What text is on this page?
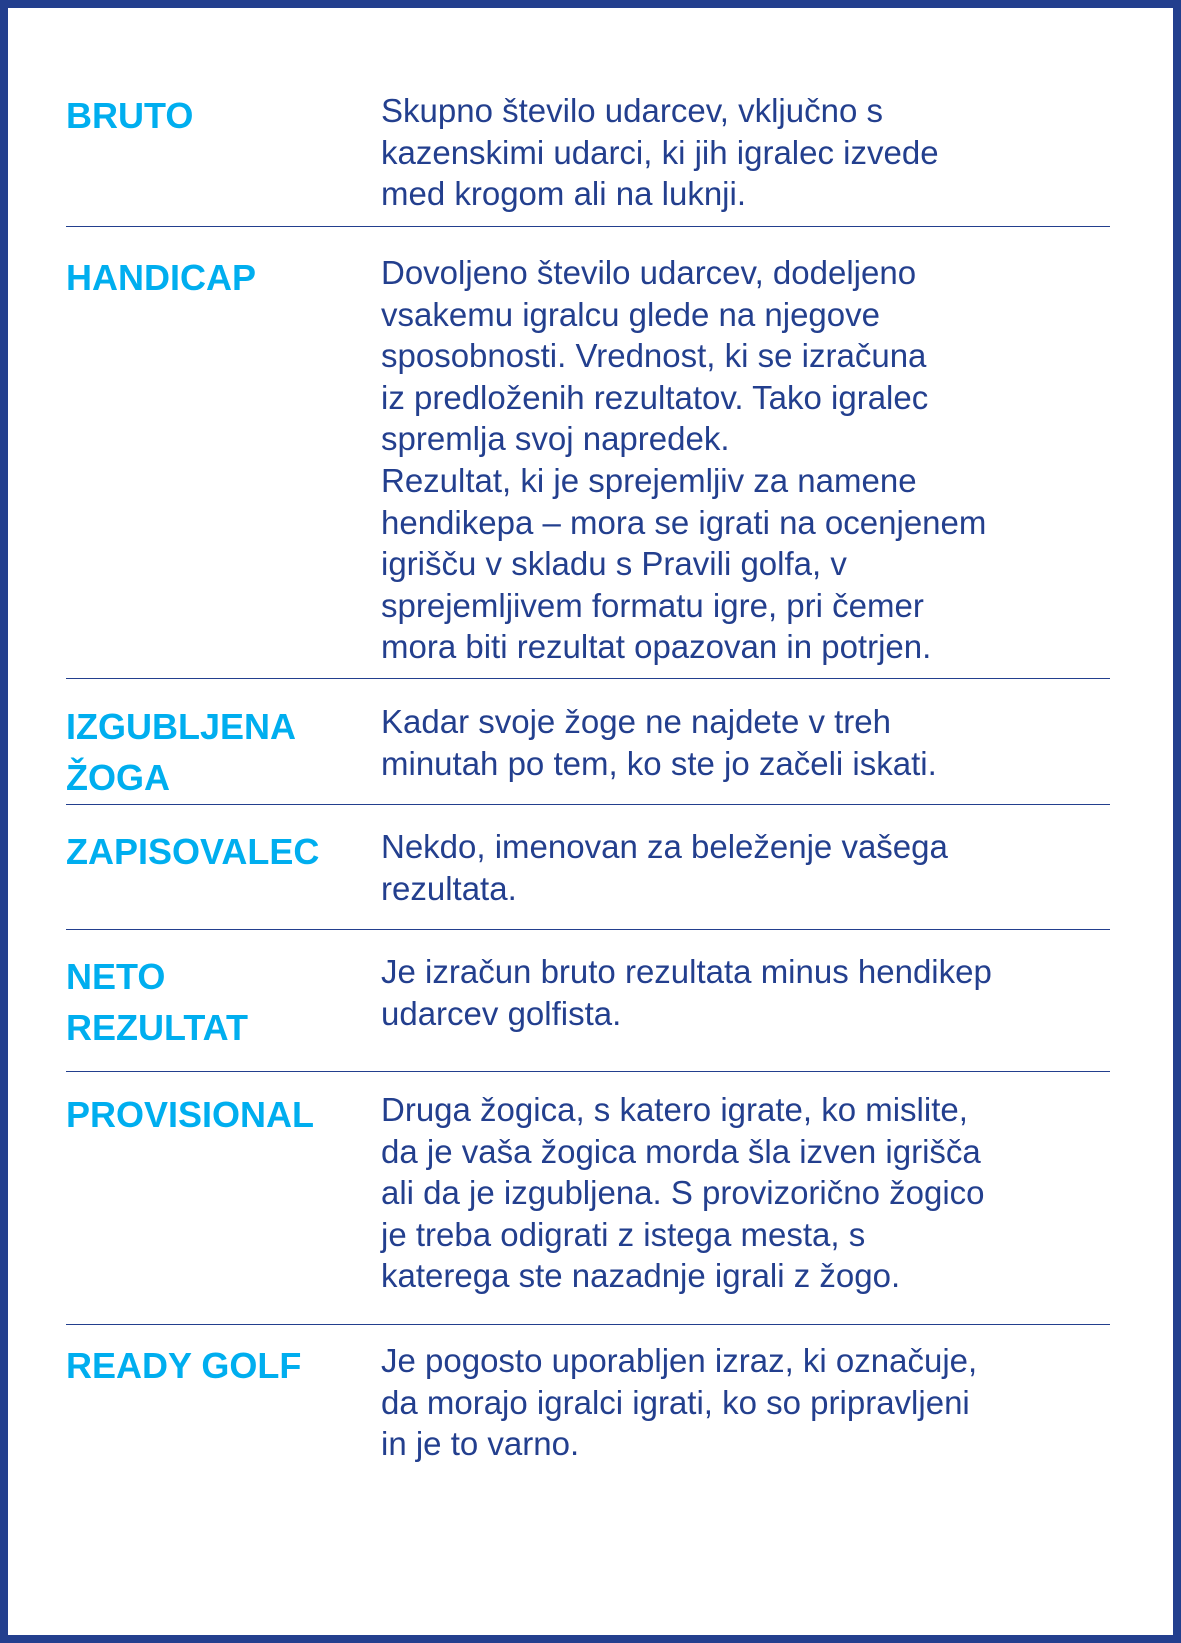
BRUTO	Skupno število udarcev, vključno s
kazenskimi udarci, ki jih igralec izvede
med krogom ali na luknji.
HANDICAP	Dovoljeno število udarcev, dodeljeno
vsakemu igralcu glede na njegove
sposobnosti. Vrednost, ki se izračuna
iz predloženih rezultatov. Tako igralec
spremlja svoj napredek.
Rezultat, ki je sprejemljiv za namene
hendikepa – mora se igrati na ocenjenem
igrišču v skladu s Pravili golfa, v
sprejemljivem formatu igre, pri čemer
mora biti rezultat opazovan in potrjen.
IZGUBLJENA
ŽOGA
Kadar svoje žoge ne najdete v treh
minutah po tem, ko ste jo začeli iskati.
ZAPISOVALEC Nekdo, imenovan za beleženje vašega
rezultata.
NETO
REZULTAT
Je izračun bruto rezultata minus hendikep
udarcev golfista.
PROVISIONAL Druga žogica, s katero igrate, ko mislite,
da je vaša žogica morda šla izven igrišča
ali da je izgubljena. S provizorično žogico
je treba odigrati z istega mesta, s
katerega ste nazadnje igrali z žogo.
READY GOLF Je pogosto uporabljen izraz, ki označuje,
da morajo igralci igrati, ko so pripravljeni
in je to varno.
